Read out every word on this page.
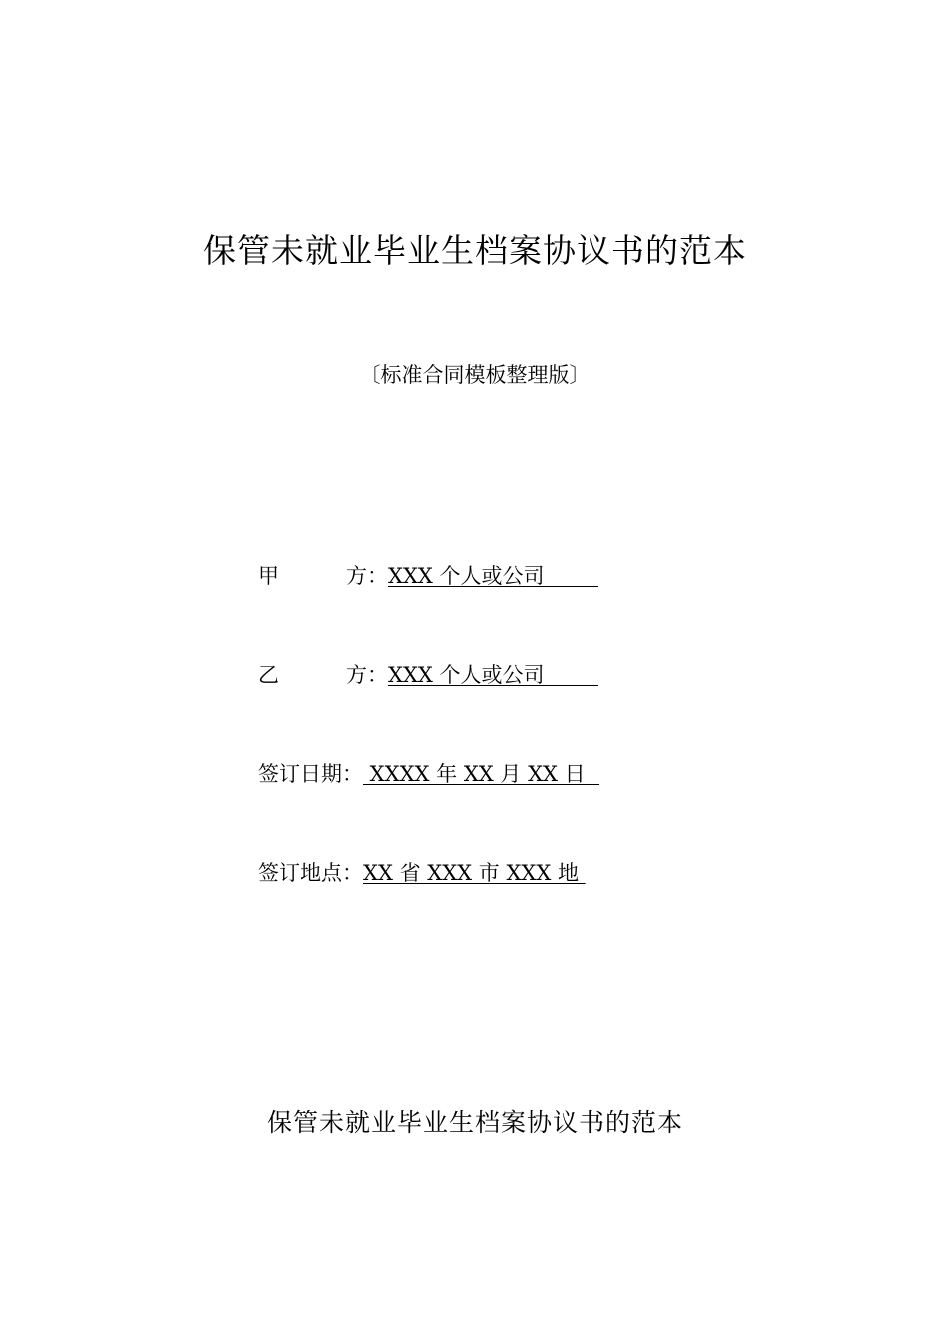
保管未就业毕业生档案协议书的范本
〔标准合同模板整理版〕
甲	方： XXX 个人或公司
乙	方： XXX 个人或公司
签订日期： XXXX 年 XX 月 XX 日
签订地点：XX 省 XXX 市 XXX 地
保管未就业毕业生档案协议书的范本
